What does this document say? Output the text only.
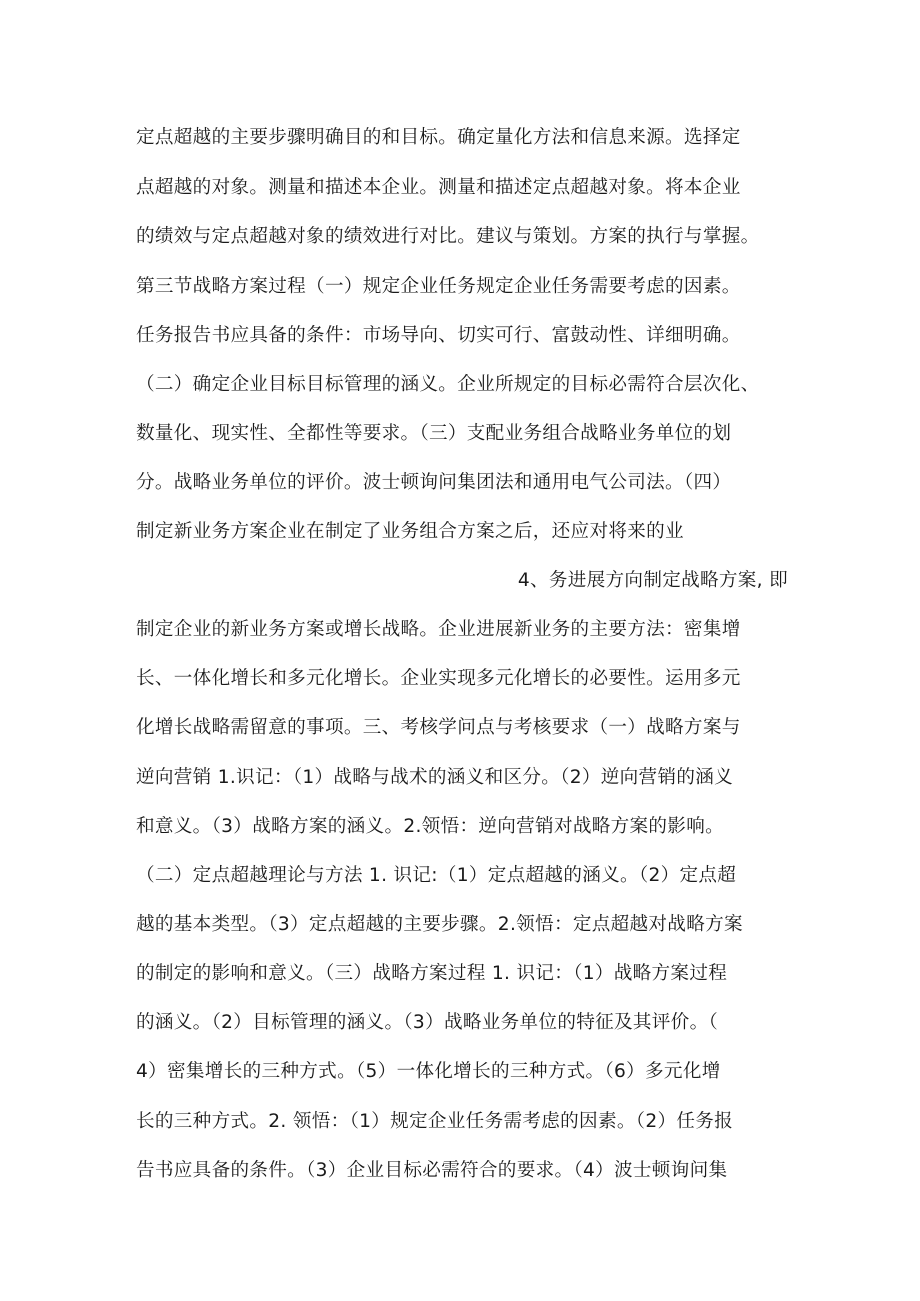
定点超越的主要步骤明确目的和目标。确定量化方法和信息来源。选择定
点超越的对象。测量和描述本企业。测量和描述定点超越对象。将本企业
的绩效与定点超越对象的绩效进行对比。建议与策划。方案的执行与掌握。
第三节战略方案过程（一）规定企业任务规定企业任务需要考虑的因素。
任务报告书应具备的条件：市场导向、切实可行、富鼓动性、详细明确。
（二）确定企业目标目标管理的涵义。企业所规定的目标必需符合层次化、
数量化、现实性、全都性等要求。（三）支配业务组合战略业务单位的划
分。战略业务单位的评价。波士顿询问集团法和通用电气公司法。（四）
制定新业务方案企业在制定了业务组合方案之后，还应对将来的业
4、务进展方向制定战略方案, 即
制定企业的新业务方案或增长战略。企业进展新业务的主要方法：密集增
长、一体化增长和多元化增长。企业实现多元化增长的必要性。运用多元
化增长战略需留意的事项。三、考核学问点与考核要求（一）战略方案与
逆向营销 1.识记：（1）战略与战术的涵义和区分。（2）逆向营销的涵义
和意义。（3）战略方案的涵义。2.领悟：逆向营销对战略方案的影响。
（二）定点超越理论与方法 1. 识记:（1）定点超越的涵义。（2）定点超
越的基本类型。（3）定点超越的主要步骤。2.领悟：定点超越对战略方案
的制定的影响和意义。（三）战略方案过程 1. 识记：（1）战略方案过程
的涵义。（2）目标管理的涵义。（3）战略业务单位的特征及其评价。（
4）密集增长的三种方式。（5）一体化增长的三种方式。（6）多元化增
长的三种方式。2. 领悟：（1）规定企业任务需考虑的因素。（2）任务报
告书应具备的条件。（3）企业目标必需符合的要求。（4）波士顿询问集
